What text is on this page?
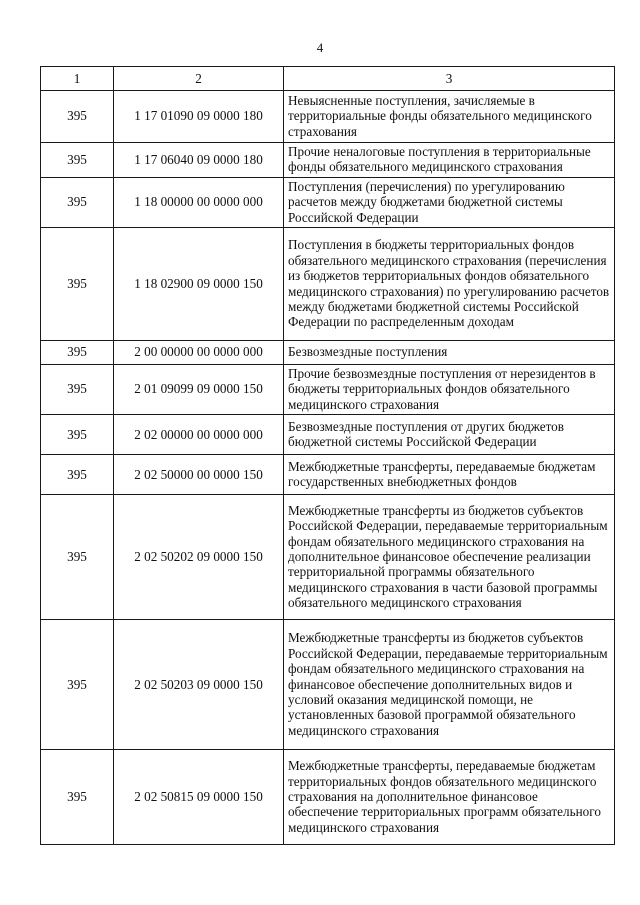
4
1	2	3
395	1 17 01090 09 0000 180	Невыясненные поступления, зачисляемые в территориальные фонды обязательного медицинского страхования
395	1 17 06040 09 0000 180	Прочие неналоговые поступления в территориальные фонды обязательного медицинского страхования
395	1 18 00000 00 0000 000	Поступления (перечисления) по урегулированию расчетов между бюджетами бюджетной системы Российской Федерации
395	1 18 02900 09 0000 150	Поступления в бюджеты территориальных фондов обязательного медицинского страхования (перечисления из бюджетов территориальных фондов обязательного медицинского страхования) по урегулированию расчетов между бюджетами бюджетной системы Российской Федерации по распределенным доходам
395	2 00 00000 00 0000 000	Безвозмездные поступления
395	2 01 09099 09 0000 150	Прочие безвозмездные поступления от нерезидентов в бюджеты территориальных фондов обязательного медицинского страхования
395	2 02 00000 00 0000 000	Безвозмездные поступления от других бюджетов бюджетной системы Российской Федерации
395	2 02 50000 00 0000 150	Межбюджетные трансферты, передаваемые бюджетам государственных внебюджетных фондов
395	2 02 50202 09 0000 150	Межбюджетные трансферты из бюджетов субъектов Российской Федерации, передаваемые территориальным фондам обязательного медицинского страхования на дополнительное финансовое обеспечение реализации территориальной программы обязательного медицинского страхования в части базовой программы обязательного медицинского страхования
395	2 02 50203 09 0000 150	Межбюджетные трансферты из бюджетов субъектов Российской Федерации, передаваемые территориальным фондам обязательного медицинского страхования на финансовое обеспечение дополнительных видов и условий оказания медицинской помощи, не установленных базовой программой обязательного медицинского страхования
395	2 02 50815 09 0000 150	Межбюджетные трансферты, передаваемые бюджетам территориальных фондов обязательного медицинского страхования на дополнительное финансовое обеспечение территориальных программ обязательного медицинского страхования
